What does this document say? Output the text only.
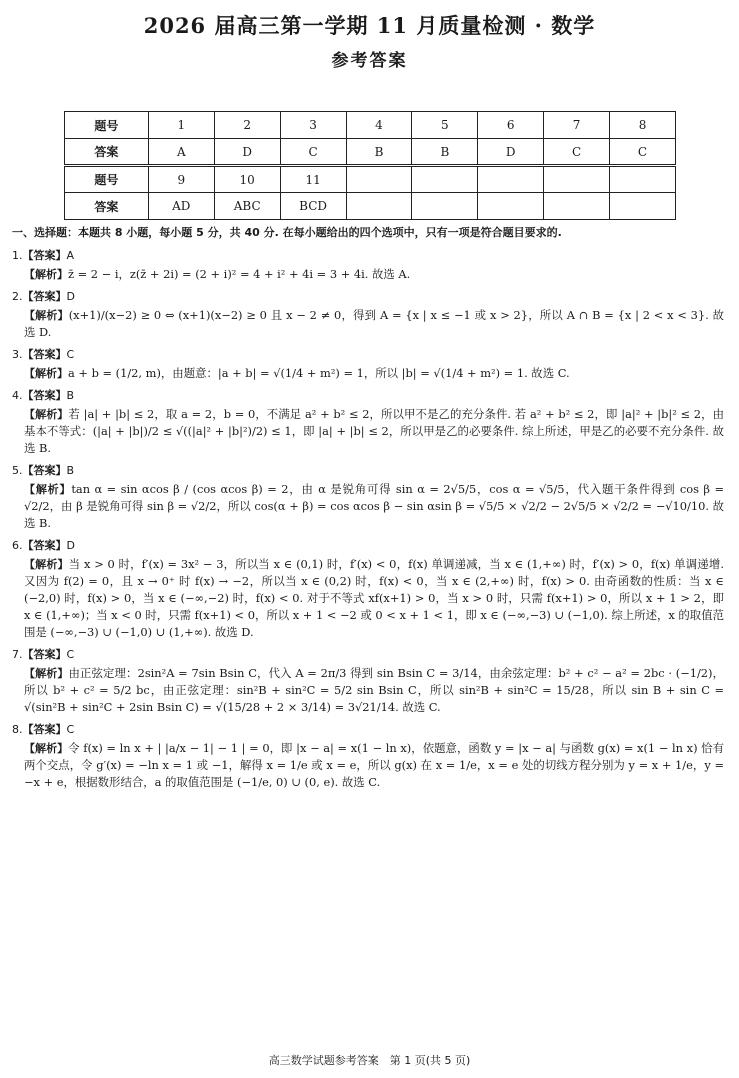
2026 届高三第一学期 11 月质量检测 · 数学
参考答案
题号	1	2	3	4	5	6	7	8
答案	A	D	C	B	B	D	C	C
题号	9	10	11					
答案	AD	ABC	BCD					
一、选择题：本题共 8 小题，每小题 5 分，共 40 分. 在每小题给出的四个选项中，只有一项是符合题目要求的.
1.【答案】A
【解析】z̄ = 2 − i，z(z̄ + 2i) = (2 + i)² = 4 + i² + 4i = 3 + 4i. 故选 A.
2.【答案】D
【解析】(x+1)/(x−2) ≥ 0 ⇔ (x+1)(x−2) ≥ 0 且 x − 2 ≠ 0，得到 A = {x | x ≤ −1 或 x > 2}，所以 A ∩ B = {x | 2 < x < 3}. 故选 D.
3.【答案】C
【解析】a + b = (1/2, m)，由题意：|a + b| = √(1/4 + m²) = 1，所以 |b| = √(1/4 + m²) = 1. 故选 C.
4.【答案】B
【解析】若 |a| + |b| ≤ 2，取 a = 2，b = 0，不满足 a² + b² ≤ 2，所以甲不是乙的充分条件. 若 a² + b² ≤ 2，即 |a|² + |b|² ≤ 2，由基本不等式：(|a| + |b|)/2 ≤ √((|a|² + |b|²)/2) ≤ 1，即 |a| + |b| ≤ 2，所以甲是乙的必要条件. 综上所述，甲是乙的必要不充分条件. 故选 B.
5.【答案】B
【解析】tan α = sin αcos β / (cos αcos β) = 2，由 α 是锐角可得 sin α = 2√5/5，cos α = √5/5，代入题干条件得到 cos β = √2/2，由 β 是锐角可得 sin β = √2/2，所以 cos(α + β) = cos αcos β − sin αsin β = √5/5 × √2/2 − 2√5/5 × √2/2 = −√10/10. 故选 B.
6.【答案】D
【解析】当 x > 0 时，f′(x) = 3x² − 3，所以当 x ∈ (0,1) 时，f′(x) < 0，f(x) 单调递减，当 x ∈ (1,+∞) 时，f′(x) > 0，f(x) 单调递增. 又因为 f(2) = 0，且 x → 0⁺ 时 f(x) → −2，所以当 x ∈ (0,2) 时，f(x) < 0，当 x ∈ (2,+∞) 时，f(x) > 0. 由奇函数的性质：当 x ∈ (−2,0) 时，f(x) > 0，当 x ∈ (−∞,−2) 时，f(x) < 0. 对于不等式 xf(x+1) > 0，当 x > 0 时，只需 f(x+1) > 0，所以 x + 1 > 2，即 x ∈ (1,+∞)；当 x < 0 时，只需 f(x+1) < 0，所以 x + 1 < −2 或 0 < x + 1 < 1，即 x ∈ (−∞,−3) ∪ (−1,0). 综上所述，x 的取值范围是 (−∞,−3) ∪ (−1,0) ∪ (1,+∞). 故选 D.
7.【答案】C
【解析】由正弦定理：2sin²A = 7sin Bsin C，代入 A = 2π/3 得到 sin Bsin C = 3/14，由余弦定理：b² + c² − a² = 2bc · (−1/2)，所以 b² + c² = 5/2 bc，由正弦定理：sin²B + sin²C = 5/2 sin Bsin C，所以 sin²B + sin²C = 15/28，所以 sin B + sin C = √(sin²B + sin²C + 2sin Bsin C) = √(15/28 + 2 × 3/14) = 3√21/14. 故选 C.
8.【答案】C
【解析】令 f(x) = ln x + | |a/x − 1| − 1 | = 0，即 |x − a| = x(1 − ln x)，依题意，函数 y = |x − a| 与函数 g(x) = x(1 − ln x) 恰有两个交点，令 g′(x) = −ln x = 1 或 −1，解得 x = 1/e 或 x = e，所以 g(x) 在 x = 1/e，x = e 处的切线方程分别为 y = x + 1/e，y = −x + e，根据数形结合，a 的取值范围是 (−1/e, 0) ∪ (0, e). 故选 C.
高三数学试题参考答案　第 1 页(共 5 页)
